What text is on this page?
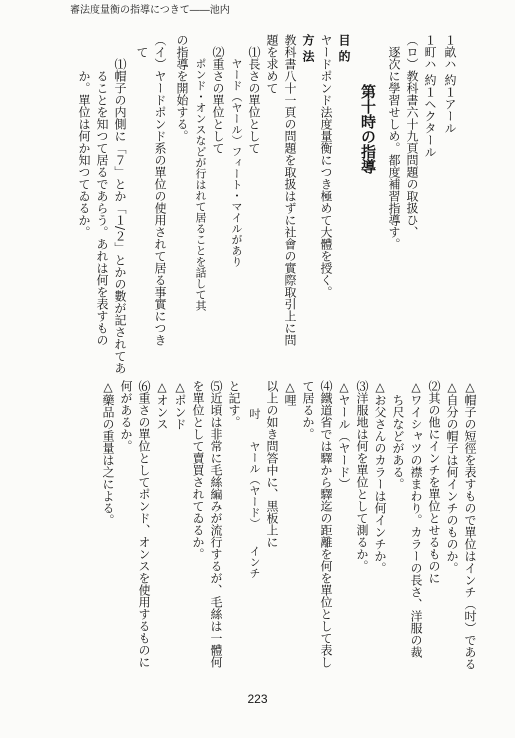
審法度量衡の指導につきて――池内
１畝ハ 約１アール
１町ハ 約１ヘクタール
（ロ）教科書六十九頁問題の取扱ひ、
逐次に學習せしめ。都度補習指導す。
第十時の指導
目 的
ヤードポンド法度量衡につき極めて大體を授く。
方 法
教科書八十一頁の問題を取扱はずに社會の實際取引上に問
題を求めて
⑴長さの單位として
ヤード（ヤール）フィート・マイルがあり
⑵重さの單位として
ポンド・オンスなどが行はれて居ることを話して其
の指導を開始する。
（イ）ヤードポンド系の單位の使用されて居る事實につき
て
⑴帽子の内側に「７」とか「１/２」とかの數が記されてあ
ることを知つて居るであらう。あれは何を表すもの
か。單位は何か知つてゐるか。
△帽子の短徑を表すもので單位はインチ（吋）である
△自分の帽子は何インチのものか。
⑵其の他にインチを單位とせるものに
△ワイシャツの襟まわり。カラーの長さ、洋服の裁
ち尺などがある。
△お父さんのカラーは何インチか。
⑶洋服地は何を單位として測るか。
△ヤール（ヤード）
⑷鐵道省では驛から驛迄の距離を何を單位として表し
て居るか。
△哩
以上の如き問答中に、黒板上に
吋　　ヤール（ヤード）　　インチ
と記す。
⑸近頃は非常に毛絲編みが流行するが、毛絲は一體何
を單位として賣買されてゐるか。
△ポンド
△オンス
⑹重さの單位としてポンド、オンスを使用するものに
何があるか。
△藥品の重量は之による。
223
